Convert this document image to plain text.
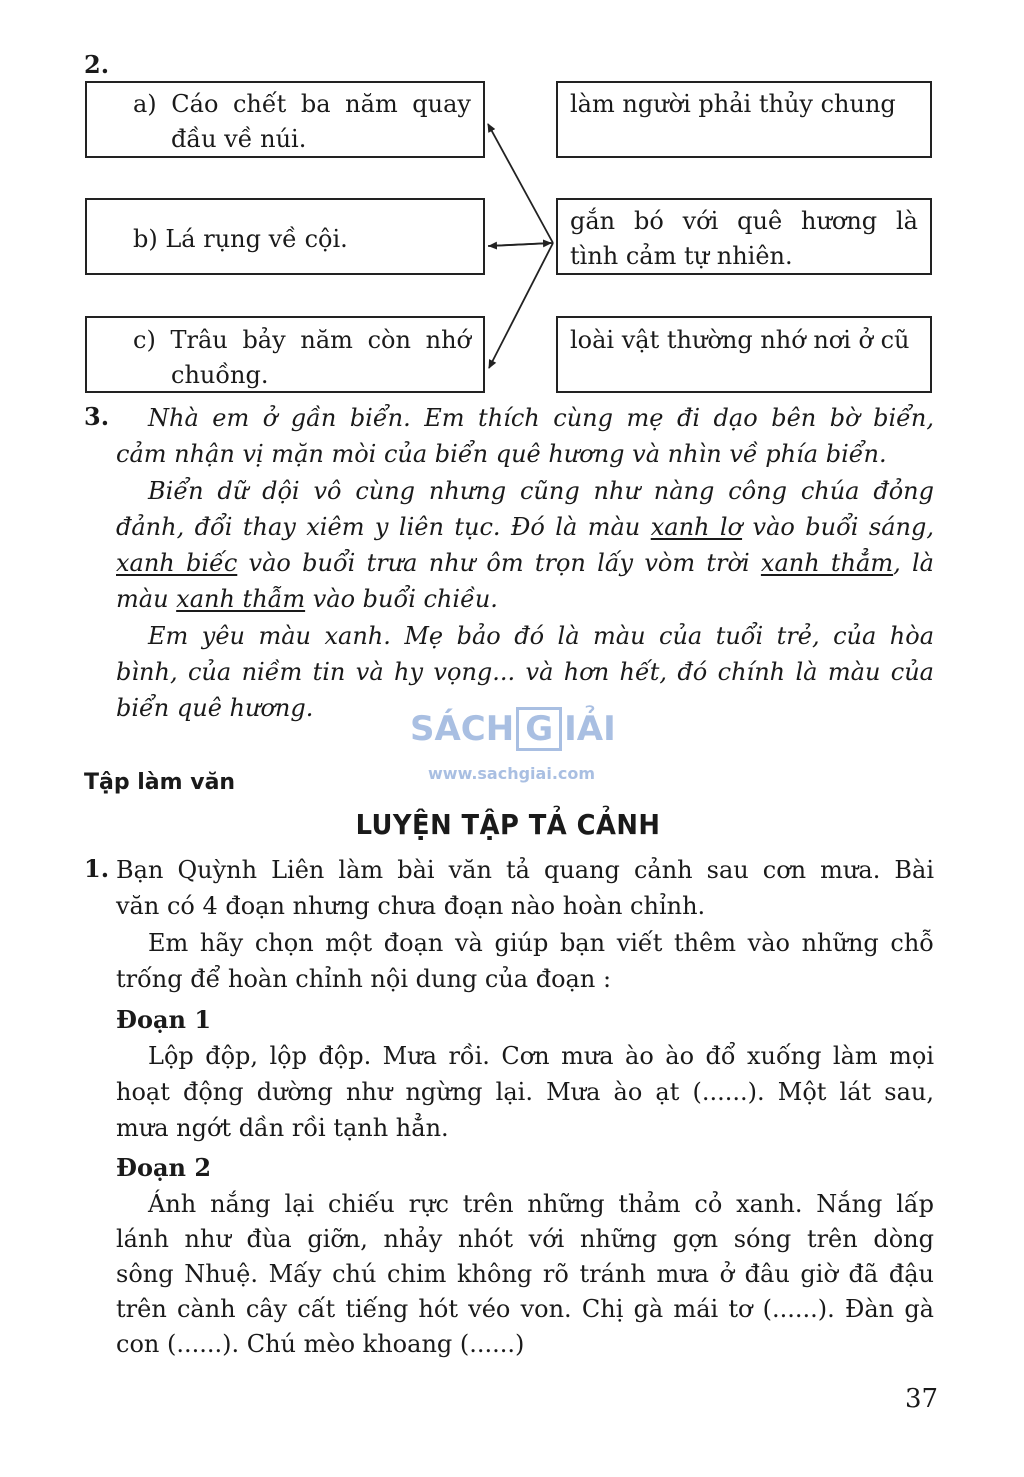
2.
a) Cáo chết ba năm quay
đầu về núi.
b) Lá rụng về cội.
c) Trâu bảy năm còn nhớ
chuồng.
làm người phải thủy chung
gắn bó với quê hương là
tình cảm tự nhiên.
loài vật thường nhớ nơi ở cũ
3. Nhà em ở gần biển. Em thích cùng mẹ đi dạo bên bờ biển,
cảm nhận vị mặn mòi của biển quê hương và nhìn về phía biển.
Biển dữ dội vô cùng nhưng cũng như nàng công chúa đỏng
đảnh, đổi thay xiêm y liên tục. Đó là màu xanh lơ vào buổi sáng,
xanh biếc vào buổi trưa như ôm trọn lấy vòm trời xanh thẳm, là
màu xanh thẫm vào buổi chiều.
Em yêu màu xanh. Mẹ bảo đó là màu của tuổi trẻ, của hòa
bình, của niềm tin và hy vọng... và hơn hết, đó chính là màu của
biển quê hương.
SÁCH G IẢI
www.sachgiai.com
Tập làm văn
LUYỆN TẬP TẢ CẢNH
1. Bạn Quỳnh Liên làm bài văn tả quang cảnh sau cơn mưa. Bài
văn có 4 đoạn nhưng chưa đoạn nào hoàn chỉnh.
Em hãy chọn một đoạn và giúp bạn viết thêm vào những chỗ
trống để hoàn chỉnh nội dung của đoạn :
Đoạn 1
Lộp độp, lộp độp. Mưa rồi. Cơn mưa ào ào đổ xuống làm mọi
hoạt động dường như ngừng lại. Mưa ào ạt (......). Một lát sau,
mưa ngớt dần rồi tạnh hẳn.
Đoạn 2
Ánh nắng lại chiếu rực trên những thảm cỏ xanh. Nắng lấp
lánh như đùa giỡn, nhảy nhót với những gợn sóng trên dòng
sông Nhuệ. Mấy chú chim không rõ tránh mưa ở đâu giờ đã đậu
trên cành cây cất tiếng hót véo von. Chị gà mái tơ (......). Đàn gà
con (......). Chú mèo khoang (......)
37
